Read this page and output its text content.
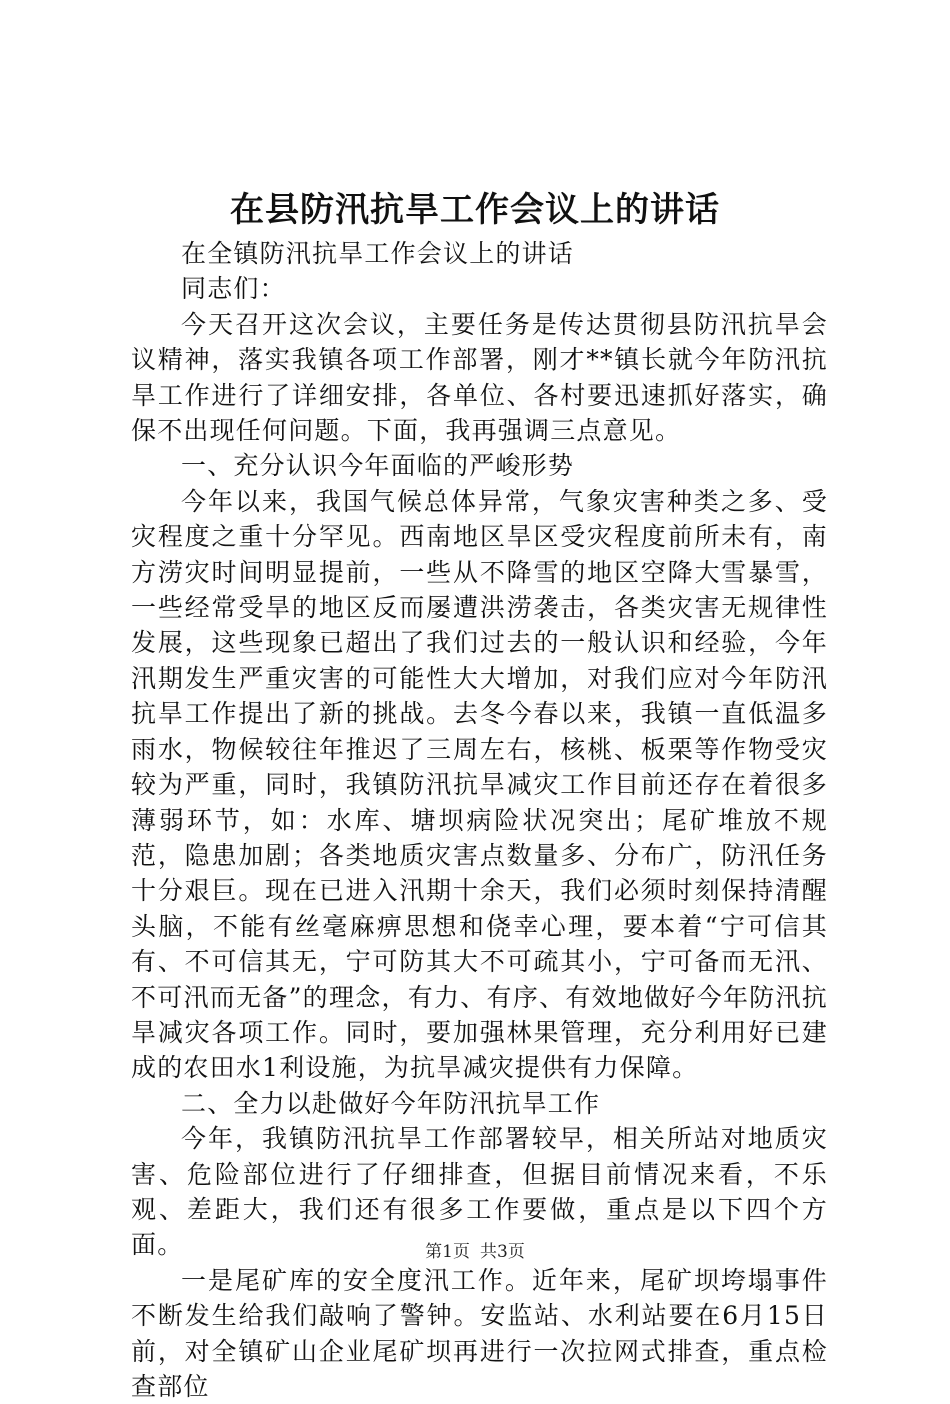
在县防汛抗旱工作会议上的讲话

在全镇防汛抗旱工作会议上的讲话

同志们：

今天召开这次会议，主要任务是传达贯彻县防汛抗旱会议精神，落实我镇各项工作部署，刚才**镇长就今年防汛抗旱工作进行了详细安排，各单位、各村要迅速抓好落实，确保不出现任何问题。下面，我再强调三点意见。

一、充分认识今年面临的严峻形势

今年以来，我国气候总体异常，气象灾害种类之多、受灾程度之重十分罕见。西南地区旱区受灾程度前所未有，南方涝灾时间明显提前，一些从不降雪的地区空降大雪暴雪，一些经常受旱的地区反而屡遭洪涝袭击，各类灾害无规律性发展，这些现象已超出了我们过去的一般认识和经验，今年汛期发生严重灾害的可能性大大增加，对我们应对今年防汛抗旱工作提出了新的挑战。去冬今春以来，我镇一直低温多雨水，物候较往年推迟了三周左右，核桃、板栗等作物受灾较为严重，同时，我镇防汛抗旱减灾工作目前还存在着很多薄弱环节，如：水库、塘坝病险状况突出；尾矿堆放不规范，隐患加剧；各类地质灾害点数量多、分布广，防汛任务十分艰巨。现在已进入汛期十余天，我们必须时刻保持清醒头脑，不能有丝毫麻痹思想和侥幸心理，要本着“宁可信其有、不可信其无，宁可防其大不可疏其小，宁可备而无汛、不可汛而无备”的理念，有力、有序、有效地做好今年防汛抗旱减灾各项工作。同时，要加强林果管理，充分利用好已建成的农田水1利设施，为抗旱减灾提供有力保障。

二、全力以赴做好今年防汛抗旱工作

今年，我镇防汛抗旱工作部署较早，相关所站对地质灾害、危险部位进行了仔细排查，但据目前情况来看，不乐观、差距大，我们还有很多工作要做，重点是以下四个方面。

一是尾矿库的安全度汛工作。近年来，尾矿坝垮塌事件不断发生给我们敲响了警钟。安监站、水利站要在6月15日前，对全镇矿山企业尾矿坝再进行一次拉网式排查，重点检查部位

第1页 共3页
